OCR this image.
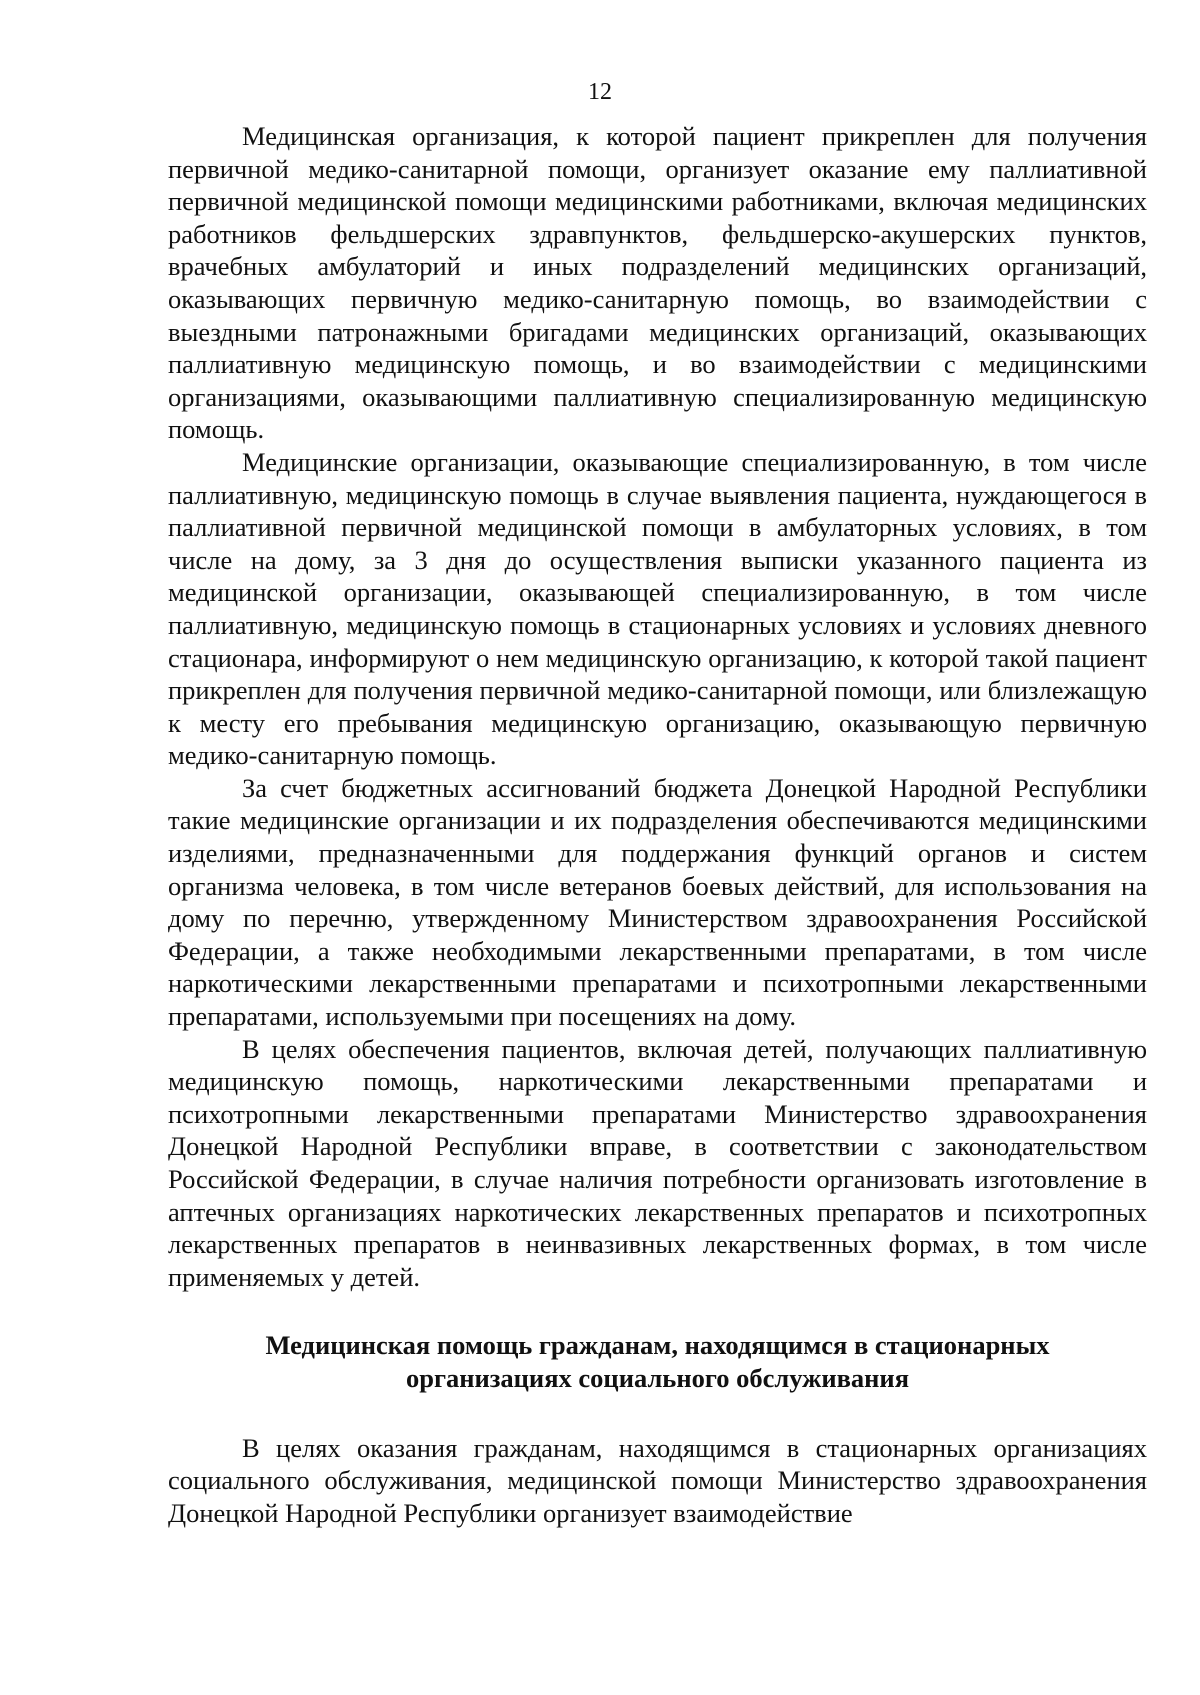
12

Медицинская организация, к которой пациент прикреплен для получения первичной медико-санитарной помощи, организует оказание ему паллиативной первичной медицинской помощи медицинскими работниками, включая медицинских работников фельдшерских здравпунктов, фельдшерско-акушерских пунктов, врачебных амбулаторий и иных подразделений медицинских организаций, оказывающих первичную медико-санитарную помощь, во взаимодействии с выездными патронажными бригадами медицинских организаций, оказывающих паллиативную медицинскую помощь, и во взаимодействии с медицинскими организациями, оказывающими паллиативную специализированную медицинскую помощь.

Медицинские организации, оказывающие специализированную, в том числе паллиативную, медицинскую помощь в случае выявления пациента, нуждающегося в паллиативной первичной медицинской помощи в амбулаторных условиях, в том числе на дому, за 3 дня до осуществления выписки указанного пациента из медицинской организации, оказывающей специализированную, в том числе паллиативную, медицинскую помощь в стационарных условиях и условиях дневного стационара, информируют о нем медицинскую организацию, к которой такой пациент прикреплен для получения первичной медико-санитарной помощи, или близлежащую к месту его пребывания медицинскую организацию, оказывающую первичную медико-санитарную помощь.

За счет бюджетных ассигнований бюджета Донецкой Народной Республики такие медицинские организации и их подразделения обеспечиваются медицинскими изделиями, предназначенными для поддержания функций органов и систем организма человека, в том числе ветеранов боевых действий, для использования на дому по перечню, утвержденному Министерством здравоохранения Российской Федерации, а также необходимыми лекарственными препаратами, в том числе наркотическими лекарственными препаратами и психотропными лекарственными препаратами, используемыми при посещениях на дому.

В целях обеспечения пациентов, включая детей, получающих паллиативную медицинскую помощь, наркотическими лекарственными препаратами и психотропными лекарственными препаратами Министерство здравоохранения Донецкой Народной Республики вправе, в соответствии с законодательством Российской Федерации, в случае наличия потребности организовать изготовление в аптечных организациях наркотических лекарственных препаратов и психотропных лекарственных препаратов в неинвазивных лекарственных формах, в том числе применяемых у детей.

Медицинская помощь гражданам, находящимся в стационарных
организациях социального обслуживания

В целях оказания гражданам, находящимся в стационарных организациях социального обслуживания, медицинской помощи Министерство здравоохранения Донецкой Народной Республики организует взаимодействие
